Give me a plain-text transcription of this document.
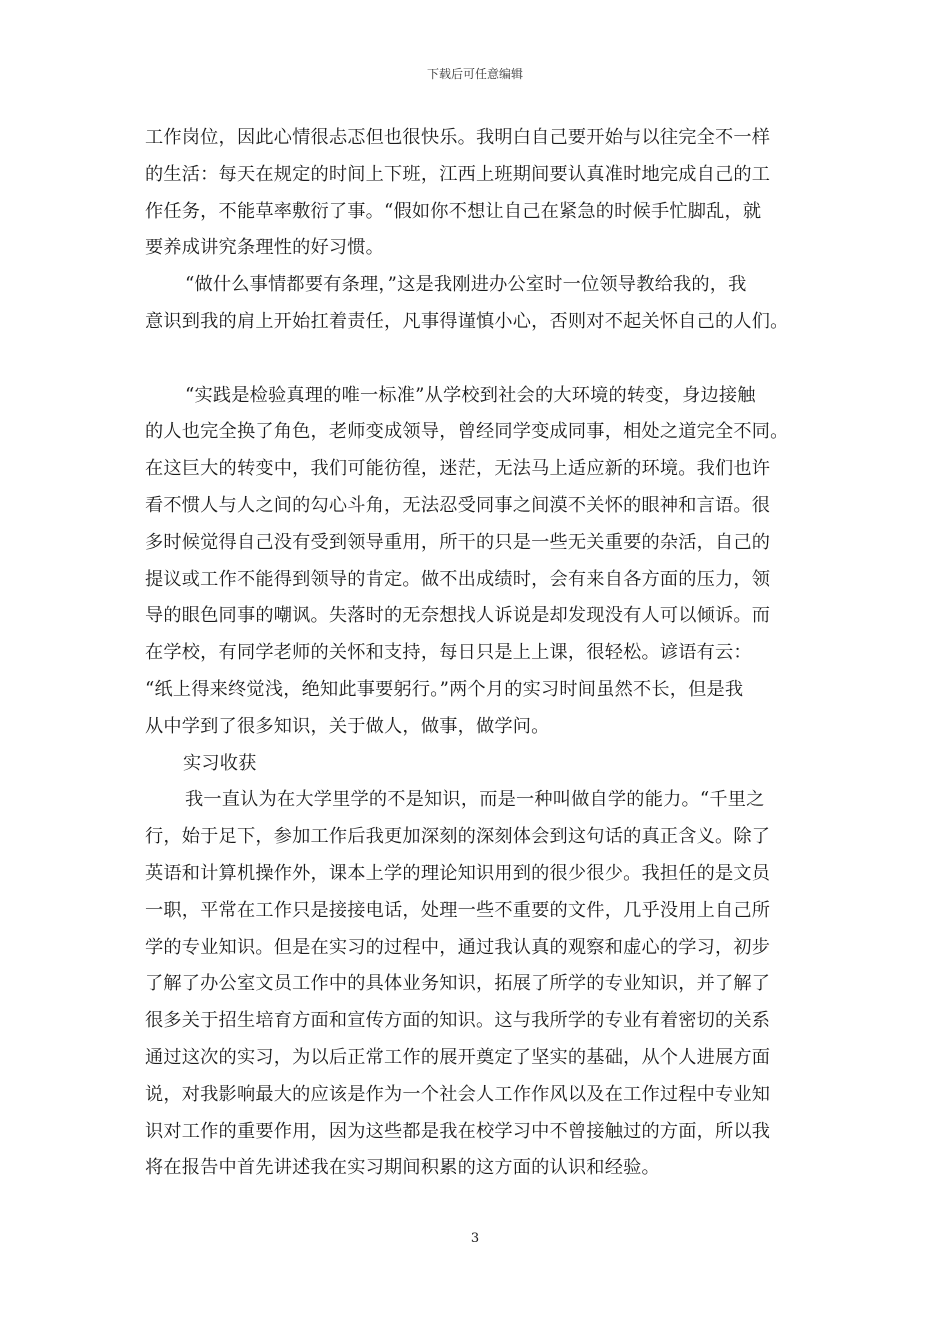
下载后可任意编辑
工作岗位，因此心情很忐忑但也很快乐。我明白自己要开始与以往完全不一样
的生活：每天在规定的时间上下班，江西上班期间要认真准时地完成自己的工
作任务，不能草率敷衍了事。“假如你不想让自己在紧急的时候手忙脚乱，就
要养成讲究条理性的好习惯。
“做什么事情都要有条理，”这是我刚进办公室时一位领导教给我的，我
意识到我的肩上开始扛着责任，凡事得谨慎小心，否则对不起关怀自己的人们。
“实践是检验真理的唯一标准”从学校到社会的大环境的转变，身边接触
的人也完全换了角色，老师变成领导，曾经同学变成同事，相处之道完全不同。
在这巨大的转变中，我们可能彷徨，迷茫，无法马上适应新的环境。我们也许
看不惯人与人之间的勾心斗角，无法忍受同事之间漠不关怀的眼神和言语。很
多时候觉得自己没有受到领导重用，所干的只是一些无关重要的杂活，自己的
提议或工作不能得到领导的肯定。做不出成绩时，会有来自各方面的压力，领
导的眼色同事的嘲讽。失落时的无奈想找人诉说是却发现没有人可以倾诉。而
在学校，有同学老师的关怀和支持，每日只是上上课，很轻松。谚语有云：
“纸上得来终觉浅，绝知此事要躬行。”两个月的实习时间虽然不长，但是我
从中学到了很多知识，关于做人，做事，做学问。
实习收获
我一直认为在大学里学的不是知识，而是一种叫做自学的能力。“千里之
行，始于足下，参加工作后我更加深刻的深刻体会到这句话的真正含义。除了
英语和计算机操作外，课本上学的理论知识用到的很少很少。我担任的是文员
一职，平常在工作只是接接电话，处理一些不重要的文件，几乎没用上自己所
学的专业知识。但是在实习的过程中，通过我认真的观察和虚心的学习，初步
了解了办公室文员工作中的具体业务知识，拓展了所学的专业知识，并了解了
很多关于招生培育方面和宣传方面的知识。这与我所学的专业有着密切的关系
通过这次的实习，为以后正常工作的展开奠定了坚实的基础，从个人进展方面
说，对我影响最大的应该是作为一个社会人工作作风以及在工作过程中专业知
识对工作的重要作用，因为这些都是我在校学习中不曾接触过的方面，所以我
将在报告中首先讲述我在实习期间积累的这方面的认识和经验。
3
